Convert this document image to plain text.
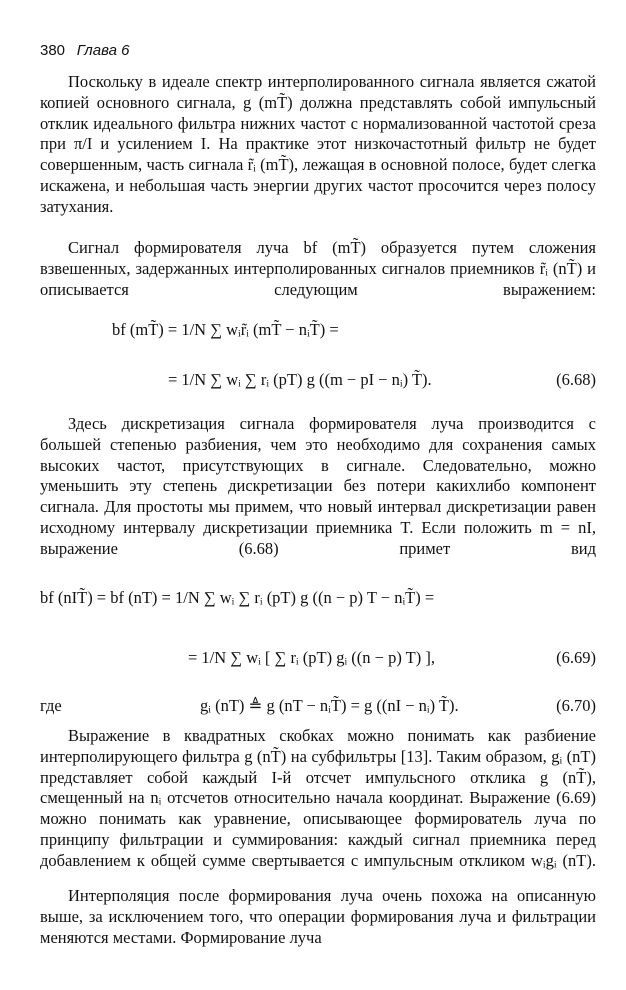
380 Глава 6

Поскольку в идеале спектр интерполированного сигнала является сжатой копией основного сигнала, g (mT̃) должна представлять собой импульсный отклик идеального фильтра нижних частот с нормализованной частотой среза при π/I и усилением I. На практике этот низкочастотный фильтр не будет совершенным, часть сигнала r̃ᵢ (mT̃), лежащая в основной полосе, будет слегка искажена, и небольшая часть энергии других частот просочится через полосу затухания.

Сигнал формирователя луча bf (mT̃) образуется путем сложения взвешенных, задержанных интерполированных сигналов приемников r̃ᵢ (nT̃) и описывается следующим выражением:

bf (mT̃) = 1/N ∑ wᵢr̃ᵢ (mT̃ − nᵢT̃) =
= 1/N ∑ wᵢ ∑ rᵢ (pT) g ((m − pI − nᵢ) T̃).	(6.68)

Здесь дискретизация сигнала формирователя луча производится с большей степенью разбиения, чем это необходимо для сохранения самых высоких частот, присутствующих в сигнале. Следовательно, можно уменьшить эту степень дискретизации без потери какихлибо компонент сигнала. Для простоты мы примем, что новый интервал дискретизации равен исходному интервалу дискретизации приемника T. Если положить m = nI, выражение (6.68) примет вид

bf (nIT̃) = bf (nT) = 1/N ∑ wᵢ ∑ rᵢ (pT) g ((n − p) T − nᵢT̃) =
= 1/N ∑ wᵢ [ ∑ rᵢ (pT) gᵢ ((n − p) T) ],	(6.69)
где	gᵢ (nT) ≜ g (nT − nᵢT̃) = g ((nI − nᵢ) T̃).	(6.70)

Выражение в квадратных скобках можно понимать как разбиение интерполирующего фильтра g (nT̃) на субфильтры [13]. Таким образом, gᵢ (nT) представляет собой каждый I-й отсчет импульсного отклика g (nT̃), смещенный на nᵢ отсчетов относительно начала координат. Выражение (6.69) можно понимать как уравнение, описывающее формирователь луча по принципу фильтрации и суммирования: каждый сигнал приемника перед добавлением к общей сумме свертывается с импульсным откликом wᵢgᵢ (nT).

Интерполяция после формирования луча очень похожа на описанную выше, за исключением того, что операции формирования луча и фильтрации меняются местами. Формирование луча
